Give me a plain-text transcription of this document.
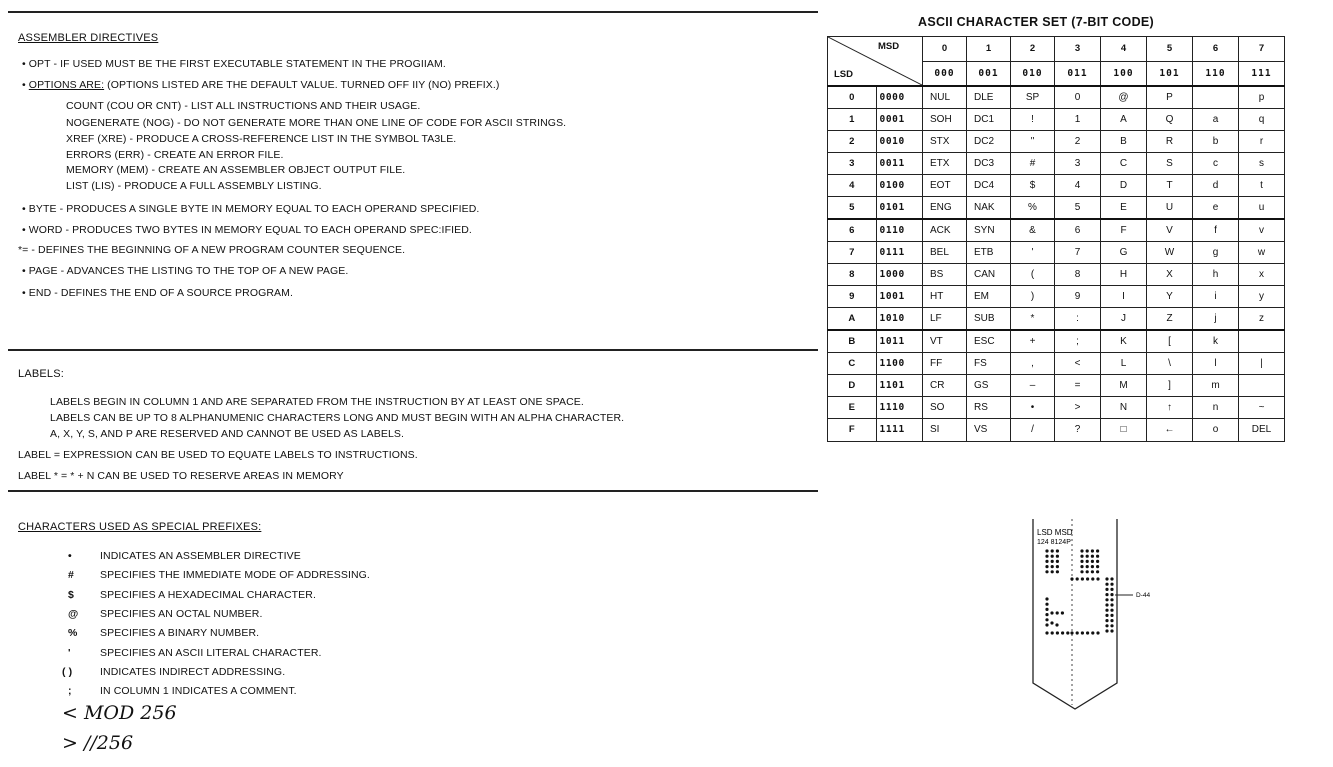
ASSEMBLER DIRECTIVES
• OPT - IF USED MUST BE THE FIRST EXECUTABLE STATEMENT IN THE PROGIIAM.
• OPTIONS ARE: (OPTIONS LISTED ARE THE DEFAULT VALUE. TURNED OFF IIY (NO) PREFIX.)
COUNT (COU OR CNT) - LIST ALL INSTRUCTIONS AND THEIR USAGE.
NOGENERATE (NOG) - DO NOT GENERATE MORE THAN ONE LINE OF CODE FOR ASCII STRINGS.
XREF (XRE) - PRODUCE A CROSS-REFERENCE LIST IN THE SYMBOL TA3LE.
ERRORS (ERR) - CREATE AN ERROR FILE.
MEMORY (MEM) - CREATE AN ASSEMBLER OBJECT OUTPUT FILE.
LIST (LIS) - PRODUCE A FULL ASSEMBLY LISTING.
• BYTE - PRODUCES A SINGLE BYTE IN MEMORY EQUAL TO EACH OPERAND SPECIFIED.
• WORD - PRODUCES TWO BYTES IN MEMORY EQUAL TO EACH OPERAND SPEC:IFIED.
*= - DEFINES THE BEGINNING OF A NEW PROGRAM COUNTER SEQUENCE.
• PAGE - ADVANCES THE LISTING TO THE TOP OF A NEW PAGE.
• END - DEFINES THE END OF A SOURCE PROGRAM.
LABELS:
LABELS BEGIN IN COLUMN 1 AND ARE SEPARATED FROM THE INSTRUCTION BY AT LEAST ONE SPACE.
LABELS CAN BE UP TO 8 ALPHANUMENIC CHARACTERS LONG AND MUST BEGIN WITH AN ALPHA CHARACTER.
A, X, Y, S, AND P ARE RESERVED AND CANNOT BE USED AS LABELS.
LABEL = EXPRESSION CAN BE USED TO EQUATE LABELS TO INSTRUCTIONS.
LABEL * = * + N CAN BE USED TO RESERVE AREAS IN MEMORY
CHARACTERS USED AS SPECIAL PREFIXES:
•	INDICATES AN ASSEMBLER DIRECTIVE
# SPECIFIES THE IMMEDIATE MODE OF ADDRESSING.
$ SPECIFIES A HEXADECIMAL CHARACTER.
@ SPECIFIES AN OCTAL NUMBER.
% SPECIFIES A BINARY NUMBER.
'	SPECIFIES AN ASCII LITERAL CHARACTER.
( )	INDICATES INDIRECT ADDRESSING.
;	IN COLUMN 1 INDICATES A COMMENT.
< MOD 256
> //256
ASCII CHARACTER SET (7-BIT CODE)
MSD
LSD		0	1	2	3	4	5	6	7
		000	001	010	011	100	101	110	111
0	0000	NUL	DLE	SP	0	@	P		p
1	0001	SOH	DC1	!	1	A	Q	a	q
2	0010	STX	DC2	"	2	B	R	b	r
3	0011	ETX	DC3	#	3	C	S	c	s
4	0100	EOT	DC4	$	4	D	T	d	t
5	0101	ENG	NAK	%	5	E	U	e	u
6	0110	ACK	SYN	&	6	F	V	f	v
7	0111	BEL	ETB	'	7	G	W	g	w
8	1000	BS	CAN	(	8	H	X	h	x
9	1001	HT	EM	)	9	I	Y	i	y
A	1010	LF	SUB	*	:	J	Z	j	z
B	1011	VT	ESC	+	;	K	[	k	
C	1100	FF	FS	,	<	L	\	l	|
D	1101	CR	GS	–	=	M	]	m	
E	1110	SO	RS	•	>	N	↑	n	~
F	1111	SI	VS	/	?	□	←	o	DEL
LSD MSD
124 8124P
D-44
